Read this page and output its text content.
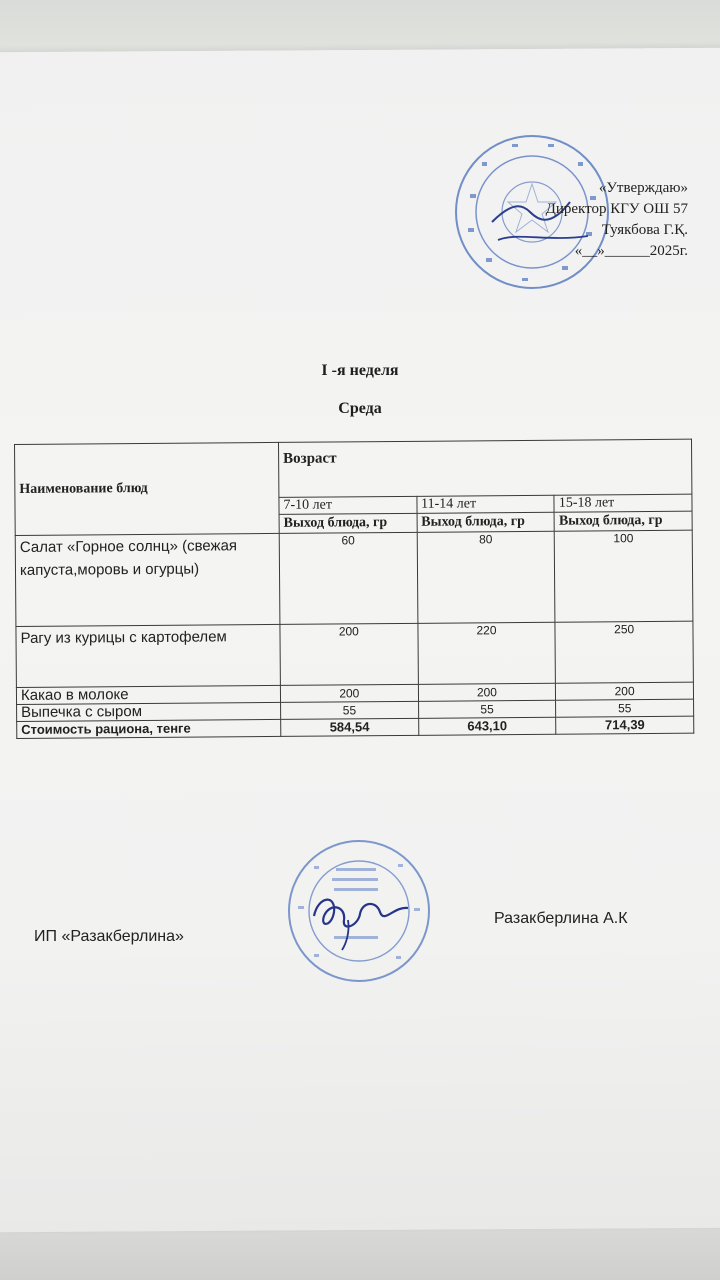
«Утверждаю»
Директор КГУ ОШ 57
Туякбова Г.Қ.
«__»______2025г.
I -я неделя
Среда
Наименование блюд	Возраст		
	7-10 лет	11-14 лет	15-18 лет
	Выход блюда, гр	Выход блюда, гр	Выход блюда, гр
Салат «Горное солнц» (свежая капуста,моровь и огурцы)	60	80	100
Рагу из курицы с картофелем	200	220	250
Какао в молоке	200	200	200
Выпечка с сыром	55	55	55
Стоимость рациона, тенге	584,54	643,10	714,39
ИП «Разакберлина»
Разакберлина А.К
